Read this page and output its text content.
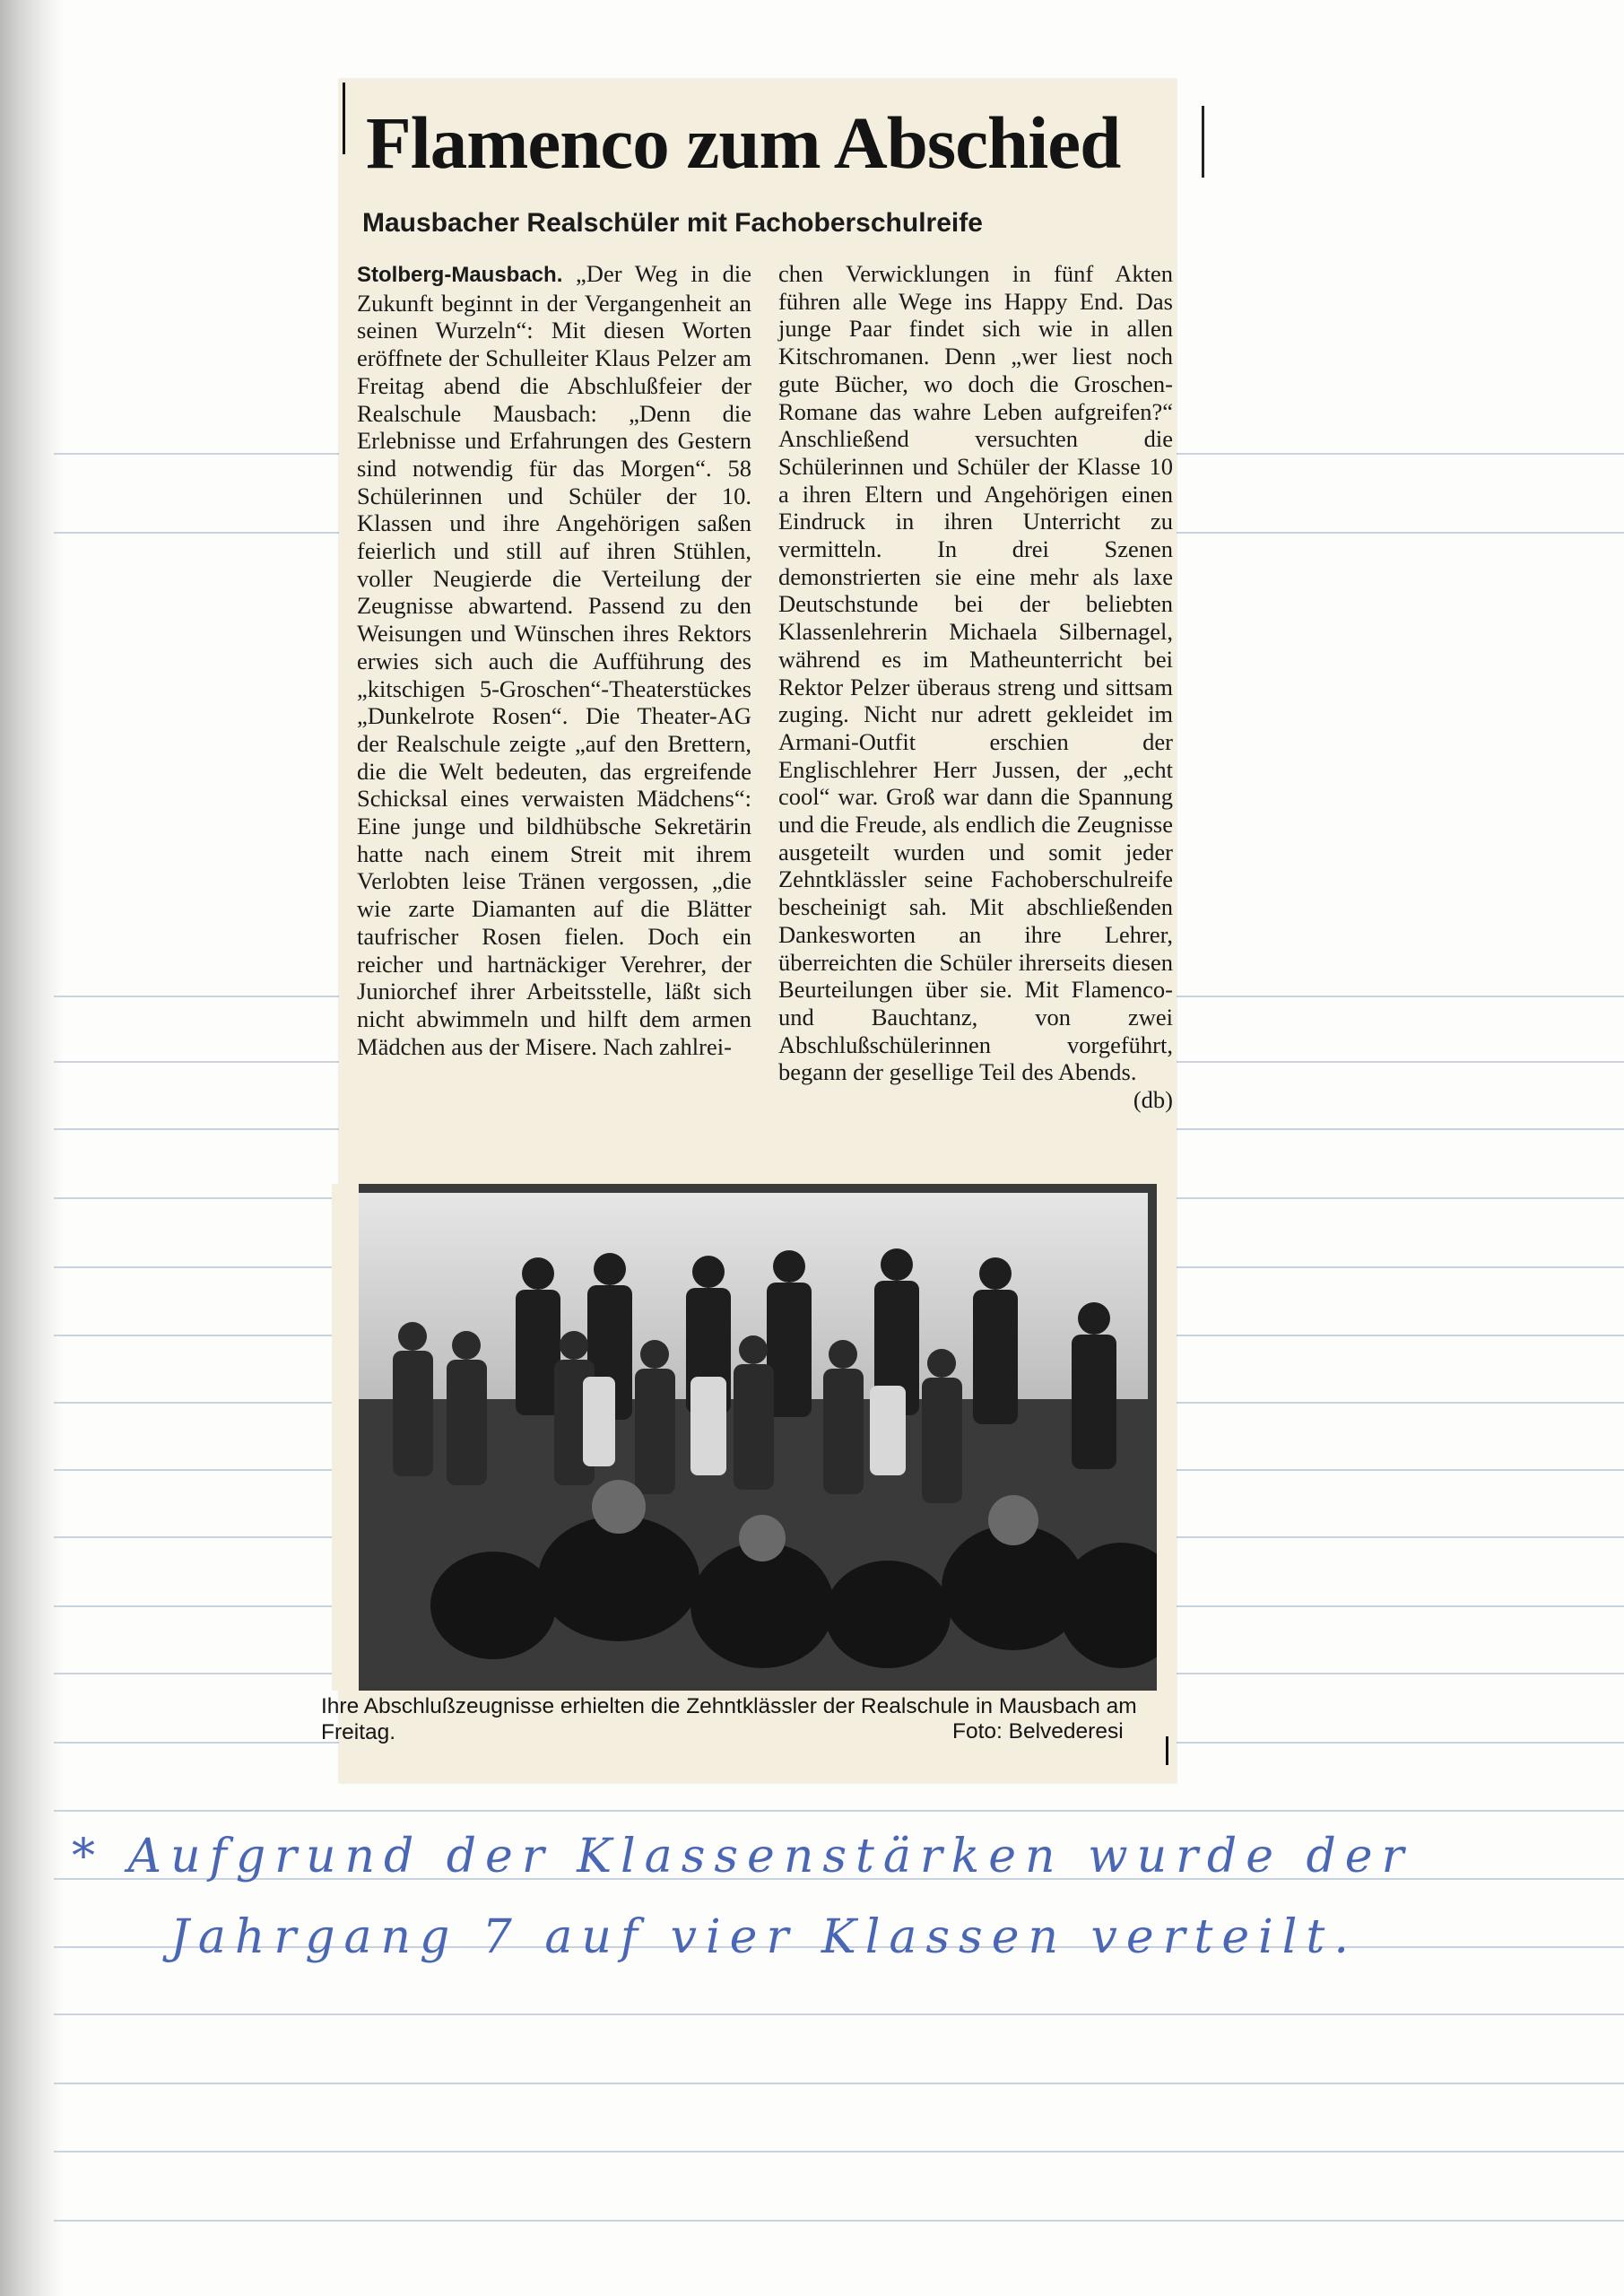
Flamenco zum Abschied
Mausbacher Realschüler mit Fachoberschulreife

Stolberg-Mausbach. „Der Weg in die Zukunft beginnt in der Vergangenheit an seinen Wurzeln“: Mit diesen Worten eröffnete der Schulleiter Klaus Pelzer am Freitag abend die Abschlußfeier der Realschule Mausbach: „Denn die Erlebnisse und Erfahrungen des Gestern sind notwendig für das Morgen“. 58 Schülerinnen und Schüler der 10. Klassen und ihre Angehörigen saßen feierlich und still auf ihren Stühlen, voller Neugierde die Verteilung der Zeugnisse abwartend. Passend zu den Weisungen und Wünschen ihres Rektors erwies sich auch die Aufführung des „kitschigen 5-Groschen“-Theaterstückes „Dunkelrote Rosen“. Die Theater-AG der Realschule zeigte „auf den Brettern, die die Welt bedeuten, das ergreifende Schicksal eines verwaisten Mädchens“: Eine junge und bildhübsche Sekretärin hatte nach einem Streit mit ihrem Verlobten leise Tränen vergossen, „die wie zarte Diamanten auf die Blätter taufrischer Rosen fielen. Doch ein reicher und hartnäckiger Verehrer, der Juniorchef ihrer Arbeitsstelle, läßt sich nicht abwimmeln und hilft dem armen Mädchen aus der Misere. Nach zahlrei-

chen Verwicklungen in fünf Akten führen alle Wege ins Happy End. Das junge Paar findet sich wie in allen Kitschromanen. Denn „wer liest noch gute Bücher, wo doch die Groschen-Romane das wahre Leben aufgreifen?“ Anschließend versuchten die Schülerinnen und Schüler der Klasse 10 a ihren Eltern und Angehörigen einen Eindruck in ihren Unterricht zu vermitteln. In drei Szenen demonstrierten sie eine mehr als laxe Deutschstunde bei der beliebten Klassenlehrerin Michaela Silbernagel, während es im Matheunterricht bei Rektor Pelzer überaus streng und sittsam zuging. Nicht nur adrett gekleidet im Armani-Outfit erschien der Englischlehrer Herr Jussen, der „echt cool“ war. Groß war dann die Spannung und die Freude, als endlich die Zeugnisse ausgeteilt wurden und somit jeder Zehntklässler seine Fachoberschulreife bescheinigt sah. Mit abschließenden Dankesworten an ihre Lehrer, überreichten die Schüler ihrerseits diesen Beurteilungen über sie. Mit Flamenco- und Bauchtanz, von zwei Abschlußschülerinnen vorgeführt, begann der gesellige Teil des Abends.
(db)

Ihre Abschlußzeugnisse erhielten die Zehntklässler der Realschule in Mausbach am Freitag.	Foto: Belvederesi
* Aufgrund der Klassenstärken wurde der
Jahrgang 7 auf vier Klassen verteilt.
